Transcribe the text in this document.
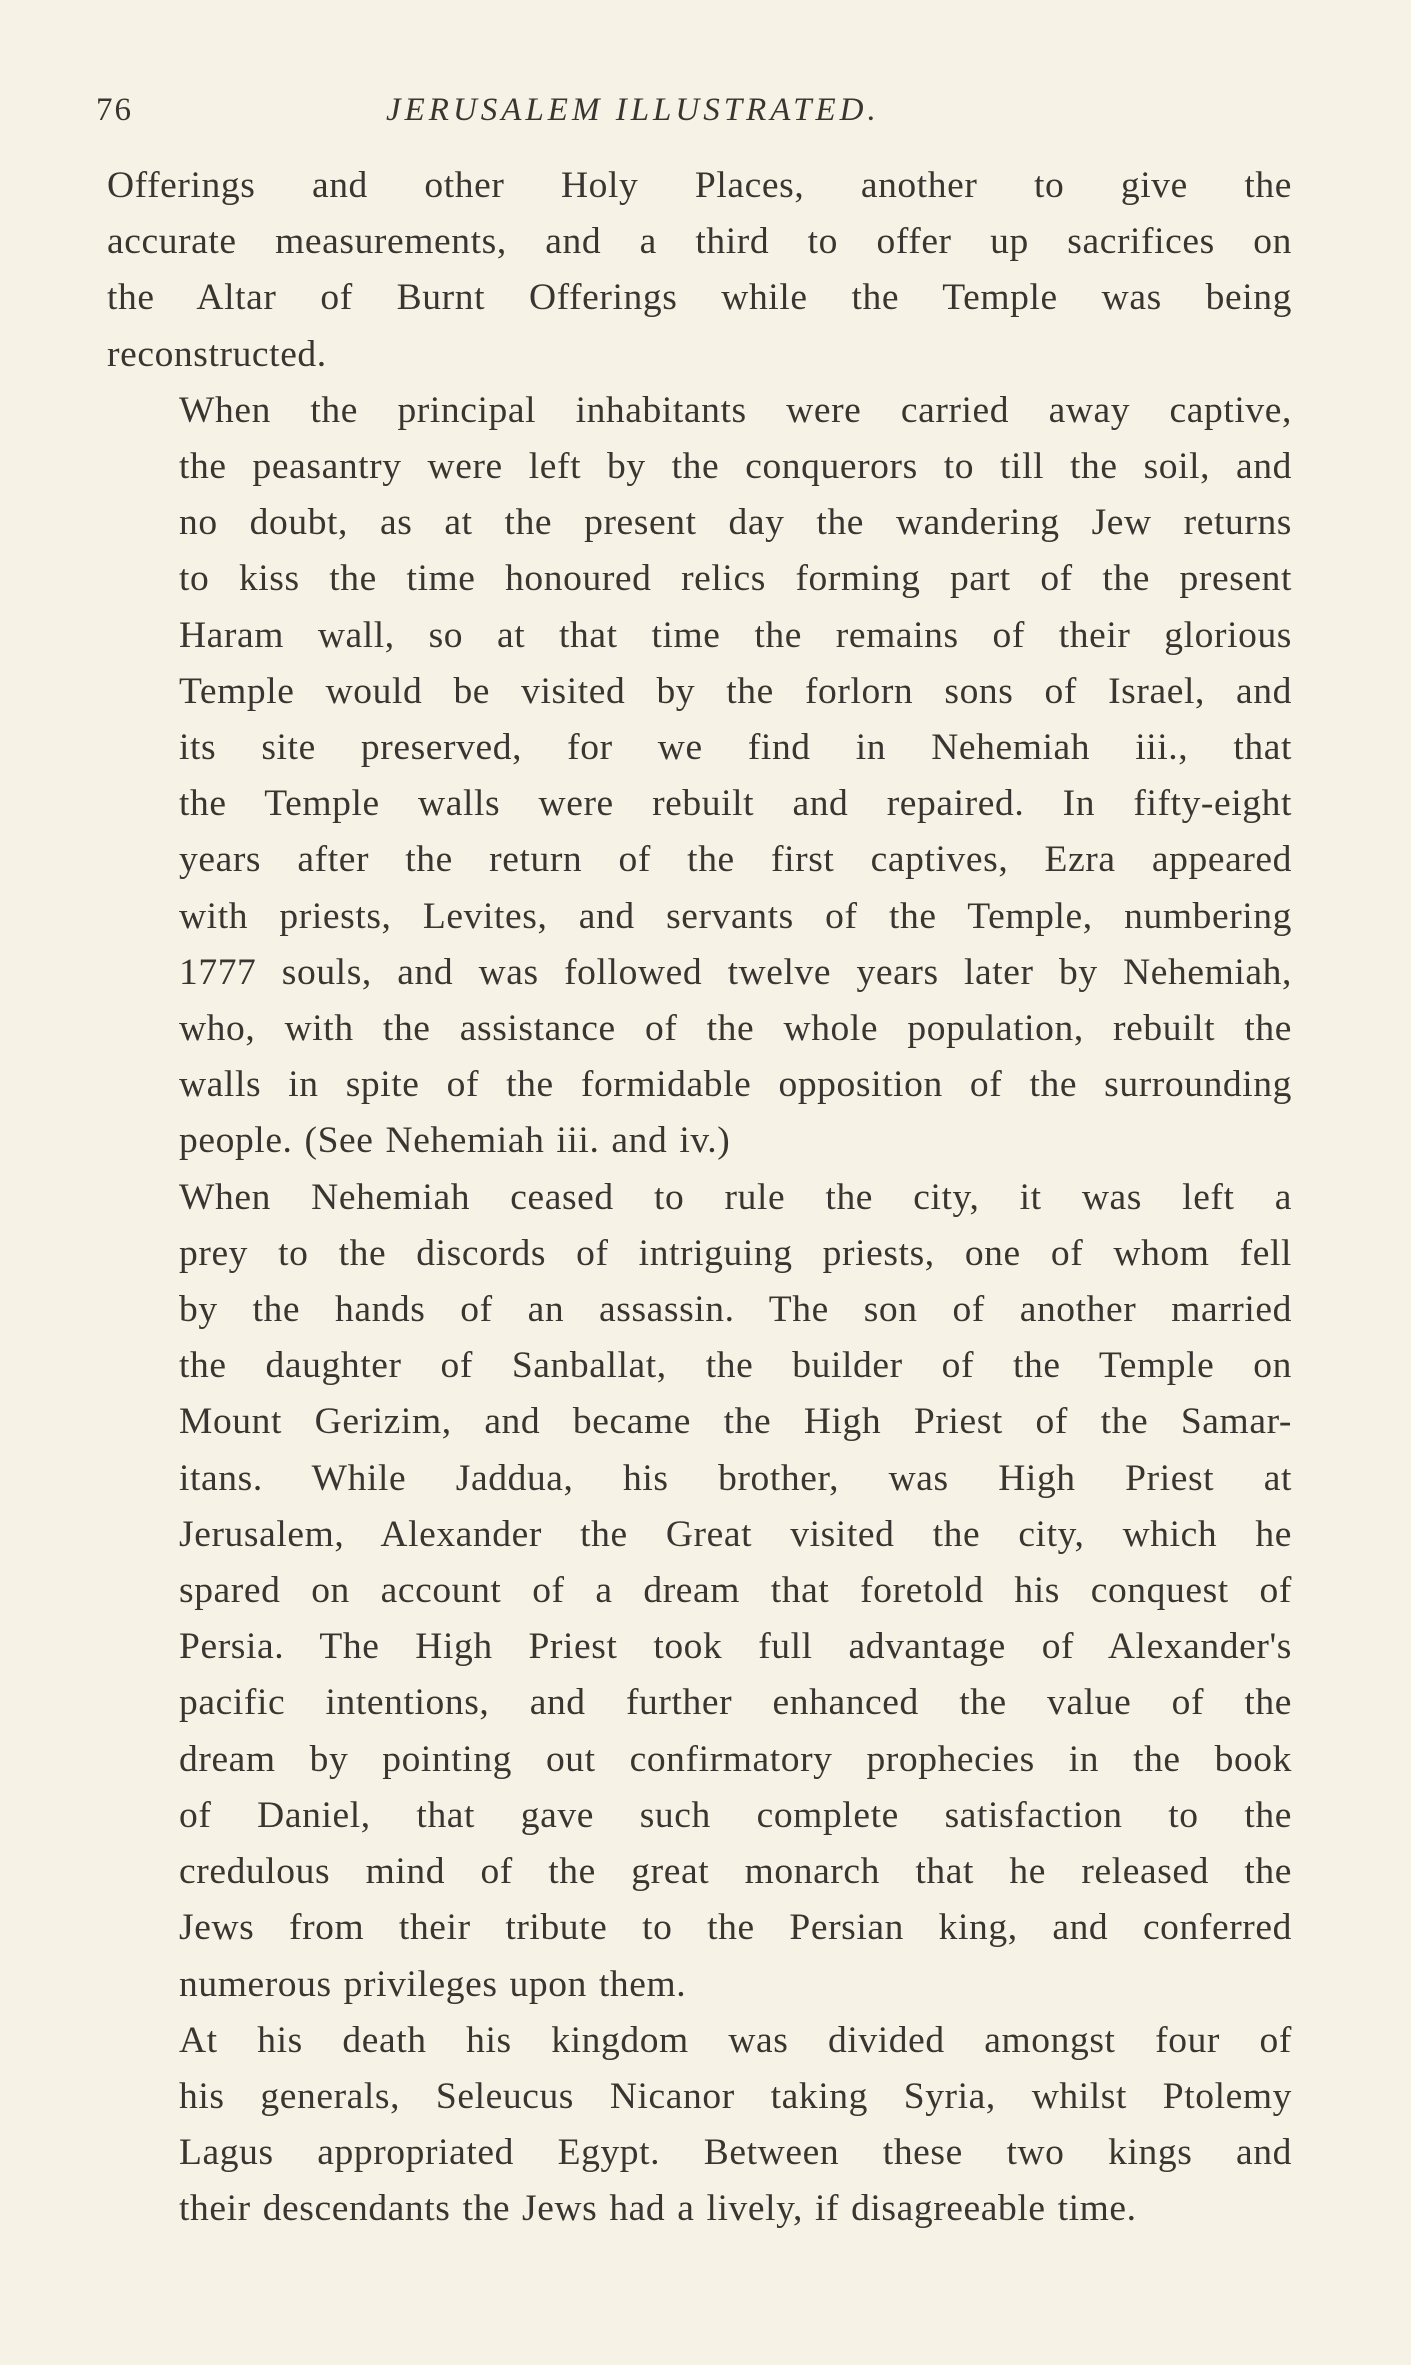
76	JERUSALEM ILLUSTRATED.

Offerings and other Holy Places, another to give the
accurate measurements, and a third to offer up sacrifices on
the Altar of Burnt Offerings while the Temple was being
reconstructed.

When the principal inhabitants were carried away captive,
the peasantry were left by the conquerors to till the soil, and
no doubt, as at the present day the wandering Jew returns
to kiss the time honoured relics forming part of the present
Haram wall, so at that time the remains of their glorious
Temple would be visited by the forlorn sons of Israel, and
its site preserved, for we find in Nehemiah iii., that
the Temple walls were rebuilt and repaired. In fifty-eight
years after the return of the first captives, Ezra appeared
with priests, Levites, and servants of the Temple, numbering
1777 souls, and was followed twelve years later by Nehemiah,
who, with the assistance of the whole population, rebuilt the
walls in spite of the formidable opposition of the surrounding
people. (See Nehemiah iii. and iv.)

When Nehemiah ceased to rule the city, it was left a
prey to the discords of intriguing priests, one of whom fell
by the hands of an assassin. The son of another married
the daughter of Sanballat, the builder of the Temple on
Mount Gerizim, and became the High Priest of the Samar-
itans. While Jaddua, his brother, was High Priest at
Jerusalem, Alexander the Great visited the city, which he
spared on account of a dream that foretold his conquest of
Persia. The High Priest took full advantage of Alexander's
pacific intentions, and further enhanced the value of the
dream by pointing out confirmatory prophecies in the book
of Daniel, that gave such complete satisfaction to the
credulous mind of the great monarch that he released the
Jews from their tribute to the Persian king, and conferred
numerous privileges upon them.

At his death his kingdom was divided amongst four of
his generals, Seleucus Nicanor taking Syria, whilst Ptolemy
Lagus appropriated Egypt. Between these two kings and
their descendants the Jews had a lively, if disagreeable time.
